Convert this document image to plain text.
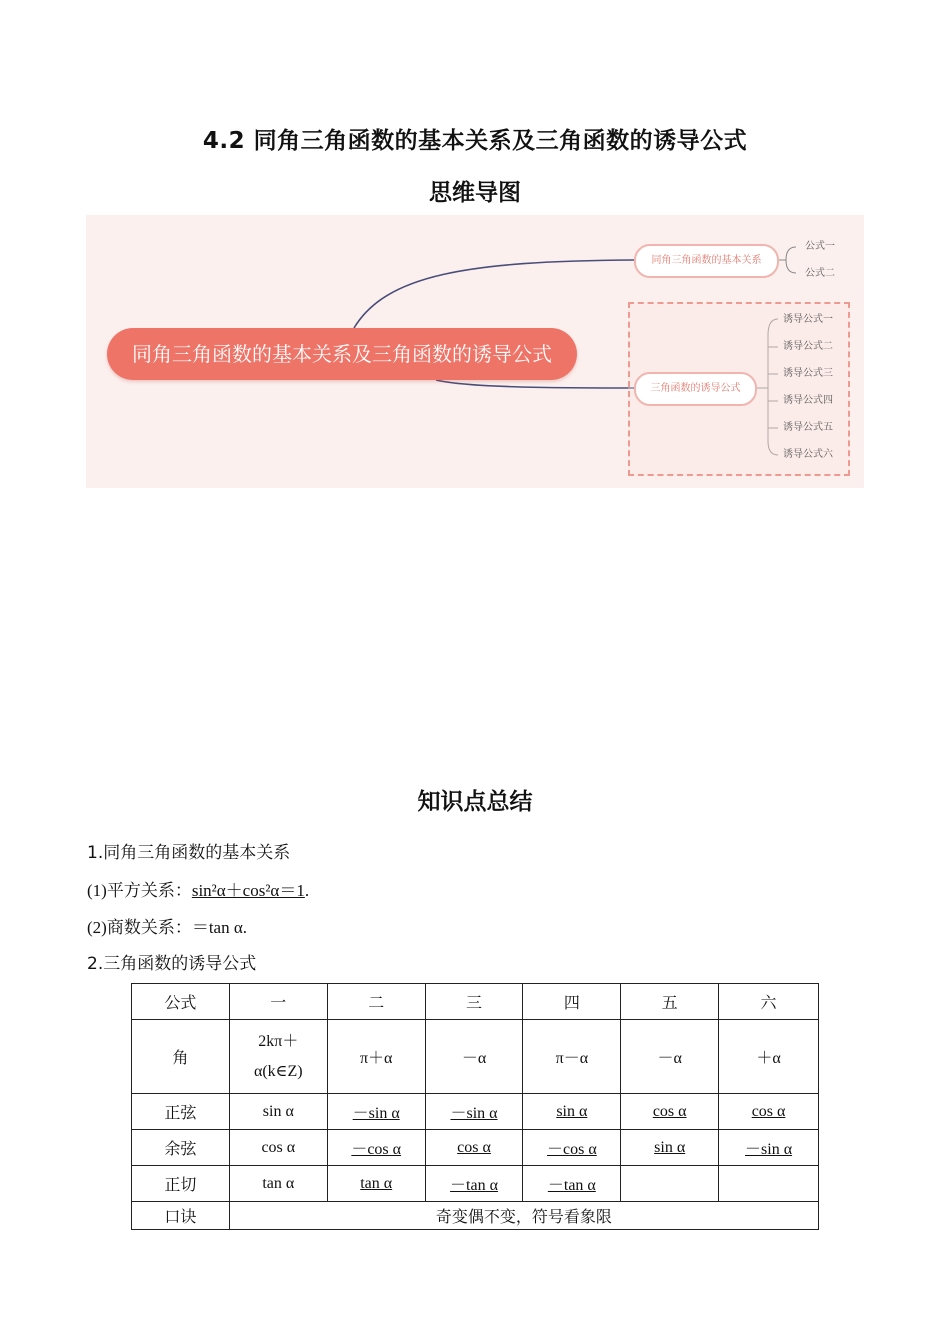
4.2 同角三角函数的基本关系及三角函数的诱导公式
思维导图
同角三角函数的基本关系及三角函数的诱导公式
同角三角函数的基本关系
公式一
公式二
三角函数的诱导公式
诱导公式一
诱导公式二
诱导公式三
诱导公式四
诱导公式五
诱导公式六
知识点总结
1.同角三角函数的基本关系
(1)平方关系：sin²α＋cos²α＝1.
(2)商数关系：＝tan α.
2.三角函数的诱导公式
公式	一	二	三	四	五	六
角	2kπ＋α(k∈Z)	π＋α	－α	π－α	－α	＋α
正弦	sin α	－sin α	－sin α	sin α	cos α	cos α
余弦	cos α	－cos α	cos α	－cos α	sin α	－sin α
正切	tan α	tan α	－tan α	－tan α		
口诀	奇变偶不变，符号看象限					
